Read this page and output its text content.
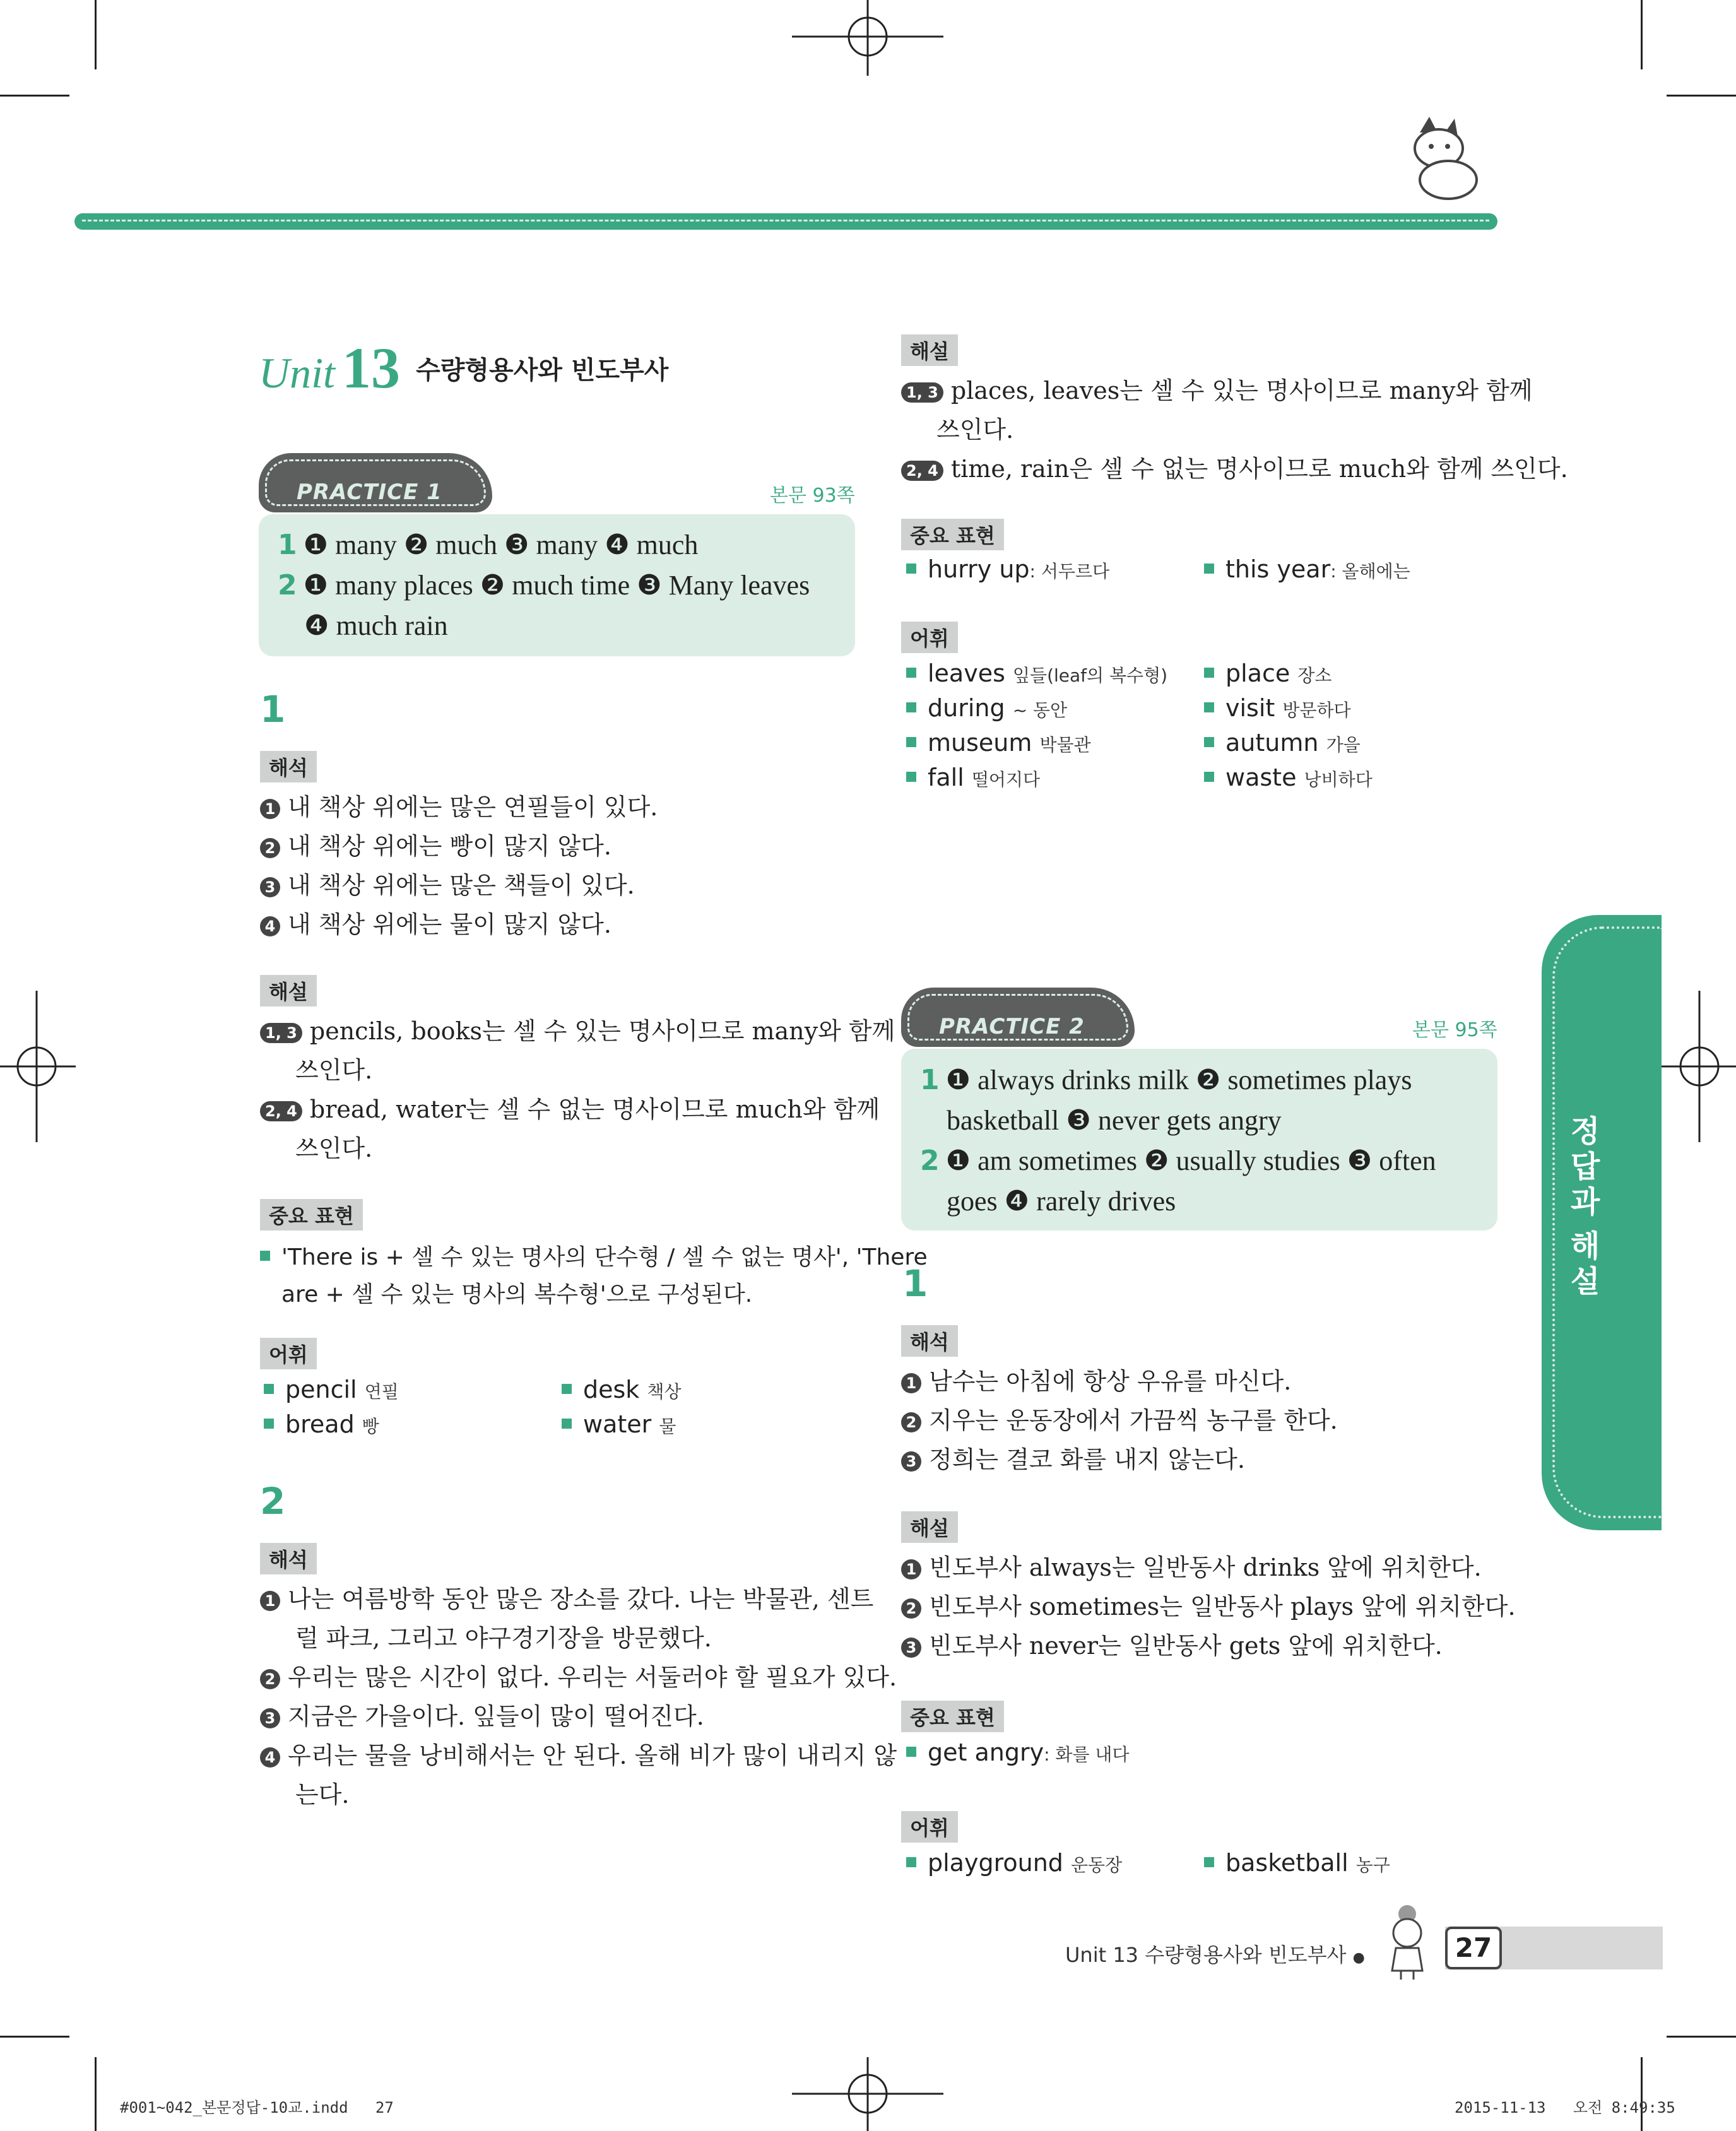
Unit 13 수량형용사와 빈도부사
PRACTICE 1	본문 93쪽
1 ❶ many ❷ much ❸ many ❹ much
2 ❶ many places ❷ much time ❸ Many leaves
❹ much rain
1
해석
1 내 책상 위에는 많은 연필들이 있다.
2 내 책상 위에는 빵이 많지 않다.
3 내 책상 위에는 많은 책들이 있다.
4 내 책상 위에는 물이 많지 않다.
해설
1, 3 pencils, books는 셀 수 있는 명사이므로 many와 함께
쓰인다.
2, 4 bread, water는 셀 수 없는 명사이므로 much와 함께
쓰인다.
중요 표현
'There is + 셀 수 있는 명사의 단수형 / 셀 수 없는 명사', 'There
are + 셀 수 있는 명사의 복수형'으로 구성된다.
어휘
pencil 연필	desk 책상
bread 빵	water 물
2
해석
1 나는 여름방학 동안 많은 장소를 갔다. 나는 박물관, 센트
럴 파크, 그리고 야구경기장을 방문했다.
2 우리는 많은 시간이 없다. 우리는 서둘러야 할 필요가 있다.
3 지금은 가을이다. 잎들이 많이 떨어진다.
4 우리는 물을 낭비해서는 안 된다. 올해 비가 많이 내리지 않
는다.
해설
1, 3 places, leaves는 셀 수 있는 명사이므로 many와 함께
쓰인다.
2, 4 time, rain은 셀 수 없는 명사이므로 much와 함께 쓰인다.
중요 표현
hurry up: 서두르다	this year: 올해에는
어휘
leaves 잎들(leaf의 복수형)	place 장소
during ~ 동안	visit 방문하다
museum 박물관	autumn 가을
fall 떨어지다	waste 낭비하다
PRACTICE 2	본문 95쪽
1 ❶ always drinks milk ❷ sometimes plays
basketball ❸ never gets angry
2 ❶ am sometimes ❷ usually studies ❸ often
goes ❹ rarely drives
1
해석
1 남수는 아침에 항상 우유를 마신다.
2 지우는 운동장에서 가끔씩 농구를 한다.
3 정희는 결코 화를 내지 않는다.
해설
1 빈도부사 always는 일반동사 drinks 앞에 위치한다.
2 빈도부사 sometimes는 일반동사 plays 앞에 위치한다.
3 빈도부사 never는 일반동사 gets 앞에 위치한다.
중요 표현
get angry: 화를 내다
어휘
playground 운동장	basketball 농구
정
답
과
해
설
Unit 13 수량형용사와 빈도부사 ●	27
#001~042_본문정답-10교.indd   27	2015-11-13   오전 8:49:35
